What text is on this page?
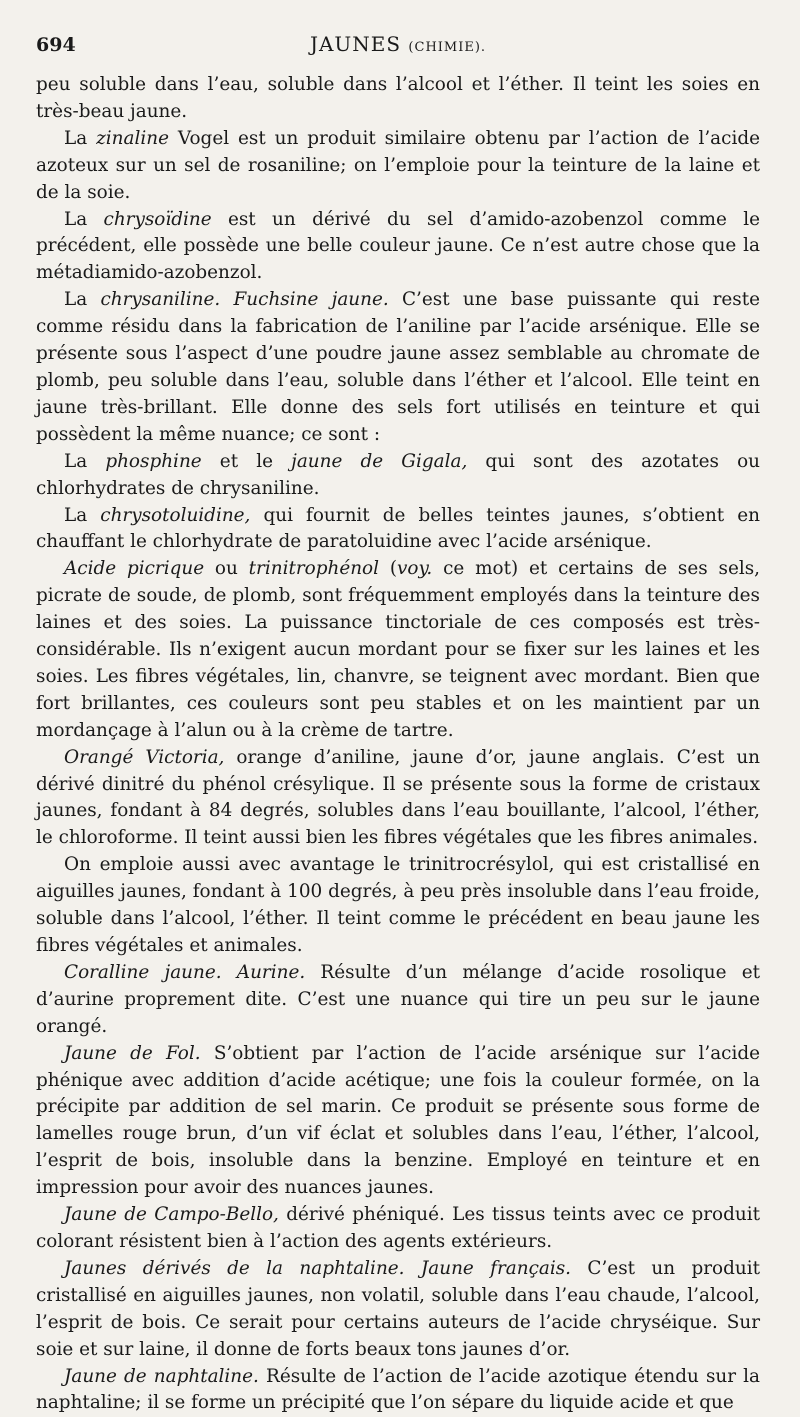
694	JAUNES (CHIMIE).

peu soluble dans l’eau, soluble dans l’alcool et l’éther. Il teint les soies en très-beau jaune.

La zinaline Vogel est un produit similaire obtenu par l’action de l’acide azoteux sur un sel de rosaniline; on l’emploie pour la teinture de la laine et de la soie.

La chrysoïdine est un dérivé du sel d’amido-azobenzol comme le précédent, elle possède une belle couleur jaune. Ce n’est autre chose que la métadiamido-azobenzol.

La chrysaniline. Fuchsine jaune. C’est une base puissante qui reste comme résidu dans la fabrication de l’aniline par l’acide arsénique. Elle se présente sous l’aspect d’une poudre jaune assez semblable au chromate de plomb, peu soluble dans l’eau, soluble dans l’éther et l’alcool. Elle teint en jaune très-brillant. Elle donne des sels fort utilisés en teinture et qui possèdent la même nuance; ce sont :

La phosphine et le jaune de Gigala, qui sont des azotates ou chlorhydrates de chrysaniline.

La chrysotoluidine, qui fournit de belles teintes jaunes, s’obtient en chauffant le chlorhydrate de paratoluidine avec l’acide arsénique.

Acide picrique ou trinitrophénol (voy. ce mot) et certains de ses sels, picrate de soude, de plomb, sont fréquemment employés dans la teinture des laines et des soies. La puissance tinctoriale de ces composés est très-considérable. Ils n’exigent aucun mordant pour se fixer sur les laines et les soies. Les fibres végétales, lin, chanvre, se teignent avec mordant. Bien que fort brillantes, ces couleurs sont peu stables et on les maintient par un mordançage à l’alun ou à la crème de tartre.

Orangé Victoria, orange d’aniline, jaune d’or, jaune anglais. C’est un dérivé dinitré du phénol crésylique. Il se présente sous la forme de cristaux jaunes, fondant à 84 degrés, solubles dans l’eau bouillante, l’alcool, l’éther, le chloroforme. Il teint aussi bien les fibres végétales que les fibres animales.

On emploie aussi avec avantage le trinitrocrésylol, qui est cristallisé en aiguilles jaunes, fondant à 100 degrés, à peu près insoluble dans l’eau froide, soluble dans l’alcool, l’éther. Il teint comme le précédent en beau jaune les fibres végétales et animales.

Coralline jaune. Aurine. Résulte d’un mélange d’acide rosolique et d’aurine proprement dite. C’est une nuance qui tire un peu sur le jaune orangé.

Jaune de Fol. S’obtient par l’action de l’acide arsénique sur l’acide phénique avec addition d’acide acétique; une fois la couleur formée, on la précipite par addition de sel marin. Ce produit se présente sous forme de lamelles rouge brun, d’un vif éclat et solubles dans l’eau, l’éther, l’alcool, l’esprit de bois, insoluble dans la benzine. Employé en teinture et en impression pour avoir des nuances jaunes.

Jaune de Campo-Bello, dérivé phéniqué. Les tissus teints avec ce produit colorant résistent bien à l’action des agents extérieurs.

Jaunes dérivés de la naphtaline. Jaune français. C’est un produit cristallisé en aiguilles jaunes, non volatil, soluble dans l’eau chaude, l’alcool, l’esprit de bois. Ce serait pour certains auteurs de l’acide chryséique. Sur soie et sur laine, il donne de forts beaux tons jaunes d’or.

Jaune de naphtaline. Résulte de l’action de l’acide azotique étendu sur la naphtaline; il se forme un précipité que l’on sépare du liquide acide et que
